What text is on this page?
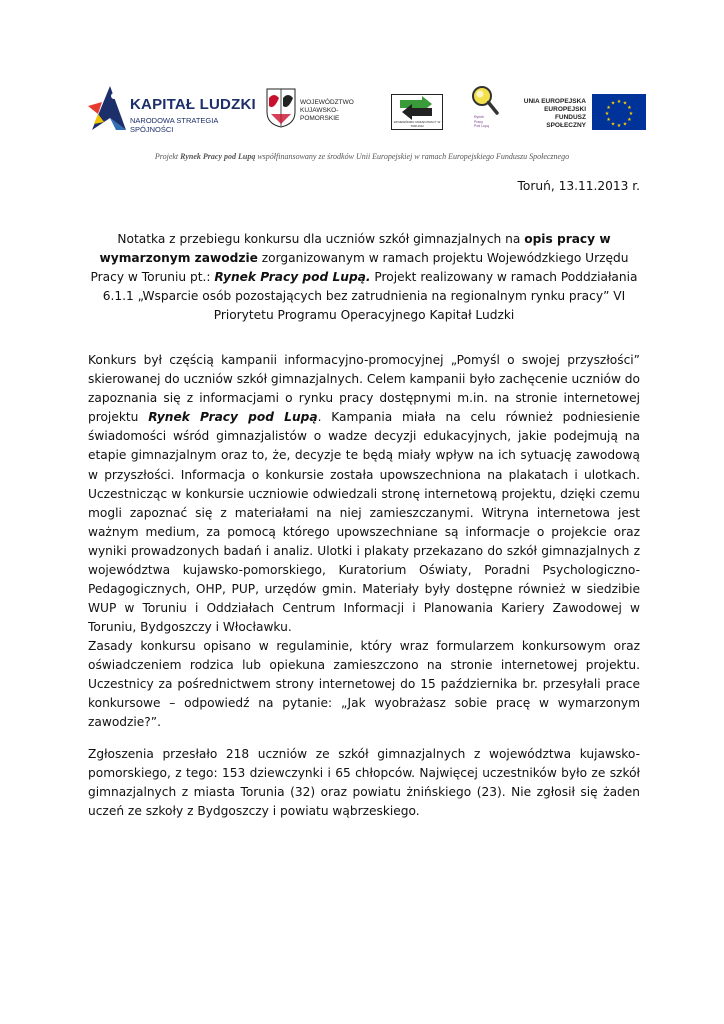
KAPITAŁ LUDZKI
NARODOWA STRATEGIA SPÓJNOŚCI
WOJEWÓDZTWO
KUJAWSKO-POMORSKIE	WOJEWÓDZKI URZĄD PRACY W TORUNIU
Rynek
Pracy
Pod Lupą
UNIA EUROPEJSKA
EUROPEJSKI
FUNDUSZ SPOŁECZNY
★ ★
★
★
★
★
★
★
★
★
★
★
Projekt Rynek Pracy pod Lupą współfinansowany ze środków Unii Europejskiej w ramach Europejskiego Funduszu Społecznego
Toruń, 13.11.2013 r.
Notatka z przebiegu konkursu dla uczniów szkół gimnazjalnych na opis pracy w wymarzonym zawodzie zorganizowanym w ramach projektu Wojewódzkiego Urzędu Pracy w Toruniu pt.: Rynek Pracy pod Lupą. Projekt realizowany w ramach Poddziałania 6.1.1 „Wsparcie osób pozostających bez zatrudnienia na regionalnym rynku pracy” VI Priorytetu Programu Operacyjnego Kapitał Ludzki
Konkurs był częścią kampanii informacyjno-promocyjnej „Pomyśl o swojej przyszłości” skierowanej do uczniów szkół gimnazjalnych. Celem kampanii było zachęcenie uczniów do zapoznania się z informacjami o rynku pracy dostępnymi m.in. na stronie internetowej projektu Rynek Pracy pod Lupą. Kampania miała na celu również podniesienie świadomości wśród gimnazjalistów o wadze decyzji edukacyjnych, jakie podejmują na etapie gimnazjalnym oraz to, że, decyzje te będą miały wpływ na ich sytuację zawodową w przyszłości. Informacja o konkursie została upowszechniona na plakatach i ulotkach. Uczestnicząc w konkursie uczniowie odwiedzali stronę internetową projektu, dzięki czemu mogli zapoznać się z materiałami na niej zamieszczanymi. Witryna internetowa jest ważnym medium, za pomocą którego upowszechniane są informacje o projekcie oraz wyniki prowadzonych badań i analiz. Ulotki i plakaty przekazano do szkół gimnazjalnych z województwa kujawsko-pomorskiego, Kuratorium Oświaty, Poradni Psychologiczno-Pedagogicznych, OHP, PUP, urzędów gmin. Materiały były dostępne również w siedzibie WUP w Toruniu i Oddziałach Centrum Informacji i Planowania Kariery Zawodowej w Toruniu, Bydgoszczy i Włocławku.
Zasady konkursu opisano w regulaminie, który wraz formularzem konkursowym oraz oświadczeniem rodzica lub opiekuna zamieszczono na stronie internetowej projektu. Uczestnicy za pośrednictwem strony internetowej do 15 października br. przesyłali prace konkursowe – odpowiedź na pytanie: „Jak wyobrażasz sobie pracę w wymarzonym zawodzie?”.
Zgłoszenia przesłało 218 uczniów ze szkół gimnazjalnych z województwa kujawsko-pomorskiego, z tego: 153 dziewczynki i 65 chłopców. Najwięcej uczestników było ze szkół gimnazjalnych z miasta Torunia (32) oraz powiatu żnińskiego (23). Nie zgłosił się żaden uczeń ze szkoły z Bydgoszczy i powiatu wąbrzeskiego.
